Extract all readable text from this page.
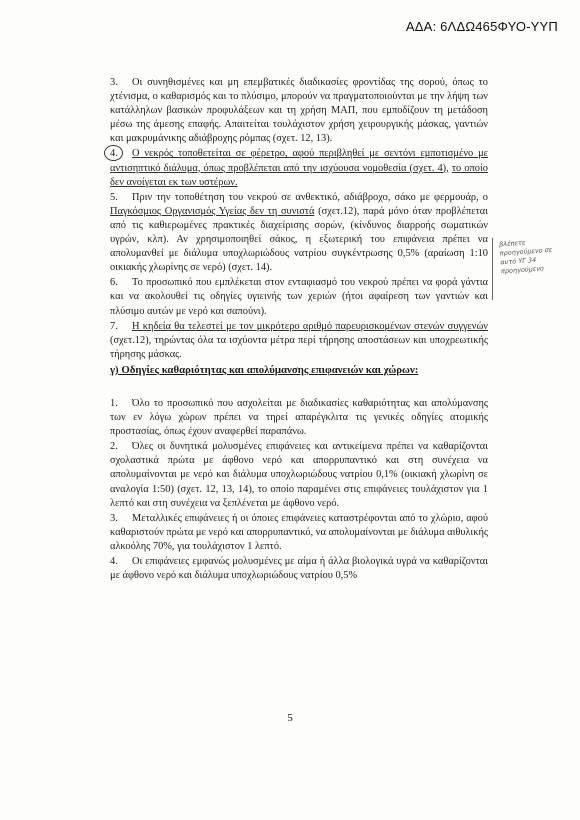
ΑΔΑ: 6ΛΔΩ465ΦΥΟ-ΥΥΠ

3. Οι συνηθισμένες και μη επεμβατικές διαδικασίες φροντίδας της σορού, όπως το χτένισμα, ο καθαρισμός και το πλύσιμο, μπορούν να πραγματοποιούνται με την λήψη των κατάλληλων βασικών προφυλάξεων και τη χρήση ΜΑΠ, που εμποδίζουν τη μετάδοση μέσω της άμεσης επαφής. Απαιτείται τουλάχιστον χρήση χειρουργικής μάσκας, γαντιών και μακρυμάνικης αδιάβροχης ρόμπας (σχετ. 12, 13).

4. Ο νεκρός τοποθετείται σε φέρετρο, αφού περιβληθεί με σεντόνι εμποτισμένο με αντισηπτικό διάλυμα, όπως προβλέπεται από την ισχύουσα νομοθεσία (σχετ. 4), το οποίο δεν ανοίγεται εκ των υστέρων.

5. Πριν την τοποθέτηση του νεκρού σε ανθεκτικό, αδιάβροχο, σάκο με φερμουάρ, ο Παγκόσμιος Οργανισμός Υγείας δεν τη συνιστά (σχετ.12), παρά μόνο όταν προβλέπεται από τις καθιερωμένες πρακτικές διαχείρισης σορών, (κίνδυνος διαρροής σωματικών υγρών, κλπ). Αν χρησιμοποιηθεί σάκος, η εξωτερική του επιφάνεια πρέπει να απολυμανθεί με διάλυμα υποχλωριώδους νατρίου συγκέντρωσης 0,5% (αραίωση 1:10 οικιακής χλωρίνης σε νερό) (σχετ. 14).

6. Το προσωπικό που εμπλέκεται στον ενταφιασμό του νεκρού πρέπει να φορά γάντια και να ακολουθεί τις οδηγίες υγιεινής των χεριών (ήτοι αφαίρεση των γαντιών και πλύσιμο αυτών με νερό και σαπούνι).

7. Η κηδεία θα τελεστεί με τον μικρότερο αριθμό παρευρισκομένων στενών συγγενών (σχετ.12), τηρώντας όλα τα ισχύοντα μέτρα περί τήρησης αποστάσεων και υποχρεωτικής τήρησης μάσκας.

γ) Οδηγίες καθαριότητας και απολύμανσης επιφανειών και χώρων:

1. Όλο το προσωπικό που ασχολείται με διαδικασίες καθαριότητας και απολύμανσης των εν λόγω χώρων πρέπει να τηρεί απαρέγκλιτα τις γενικές οδηγίες ατομικής προστασίας, όπως έχουν αναφερθεί παραπάνω.

2. Όλες οι δυνητικά μολυσμένες επιφάνειες και αντικείμενα πρέπει να καθαρίζονται σχολαστικά πρώτα με άφθονο νερό και απορρυπαντικό και στη συνέχεια να απολυμαίνονται με νερό και διάλυμα υποχλωριώδους νατρίου 0,1% (οικιακή χλωρίνη σε αναλογία 1:50) (σχετ. 12, 13, 14), το οποίο παραμένει στις επιφάνειες τουλάχιστον για 1 λεπτό και στη συνέχεια να ξεπλένεται με άφθονο νερό.

3. Μεταλλικές επιφάνειες ή οι όποιες επιφάνειες καταστρέφονται από το χλώριο, αφού καθαριστούν πρώτα με νερό και απορρυπαντικό, να απολυμαίνονται με διάλυμα αιθυλικής αλκοόλης 70%, για τουλάχιστον 1 λεπτό.

4. Οι επιφάνειες εμφανώς μολυσμένες με αίμα ή άλλα βιολογικά υγρά να καθαρίζονται με άφθονο νερό και διάλυμα υποχλωριώδους νατρίου 0,5%

βλέπετε προηγούμενο σε αυτό ΥΓ 34 προηγούμενο
5
